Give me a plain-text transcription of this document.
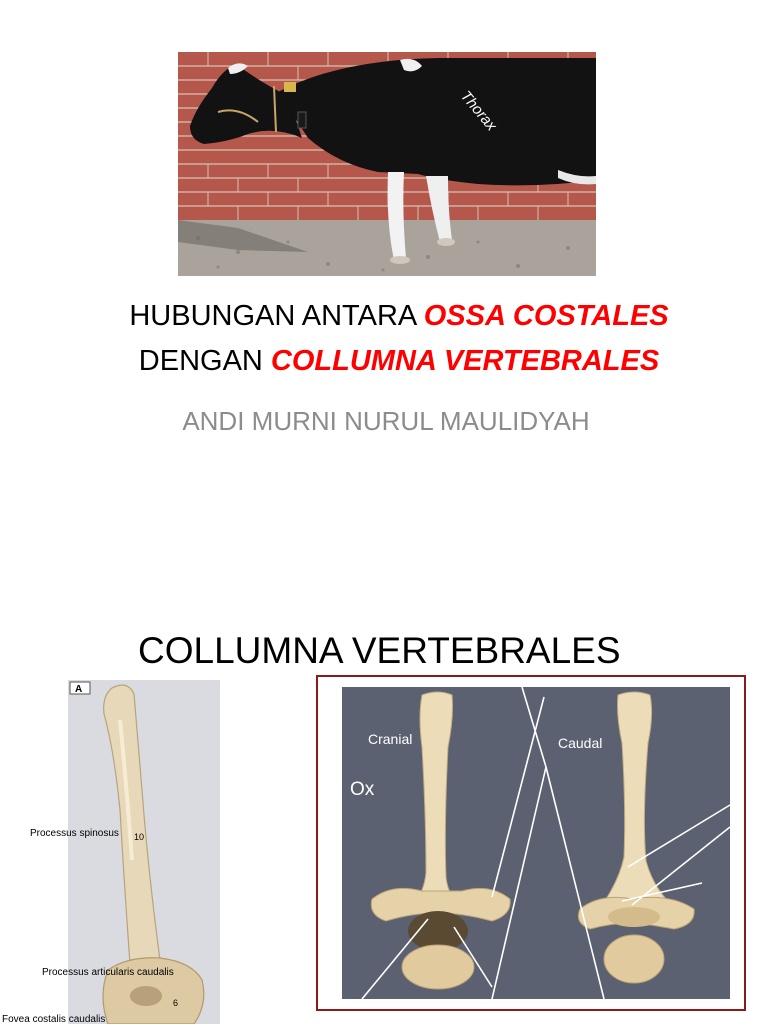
Thorax
HUBUNGAN ANTARA OSSA COSTALES
DENGAN COLLUMNA VERTEBRALES
ANDI MURNI NURUL MAULIDYAH
COLLUMNA VERTEBRALES
A
10
6
Processus spinosus
Processus articularis caudalis
Fovea costalis caudalis
Cranial	Caudal
Ox
